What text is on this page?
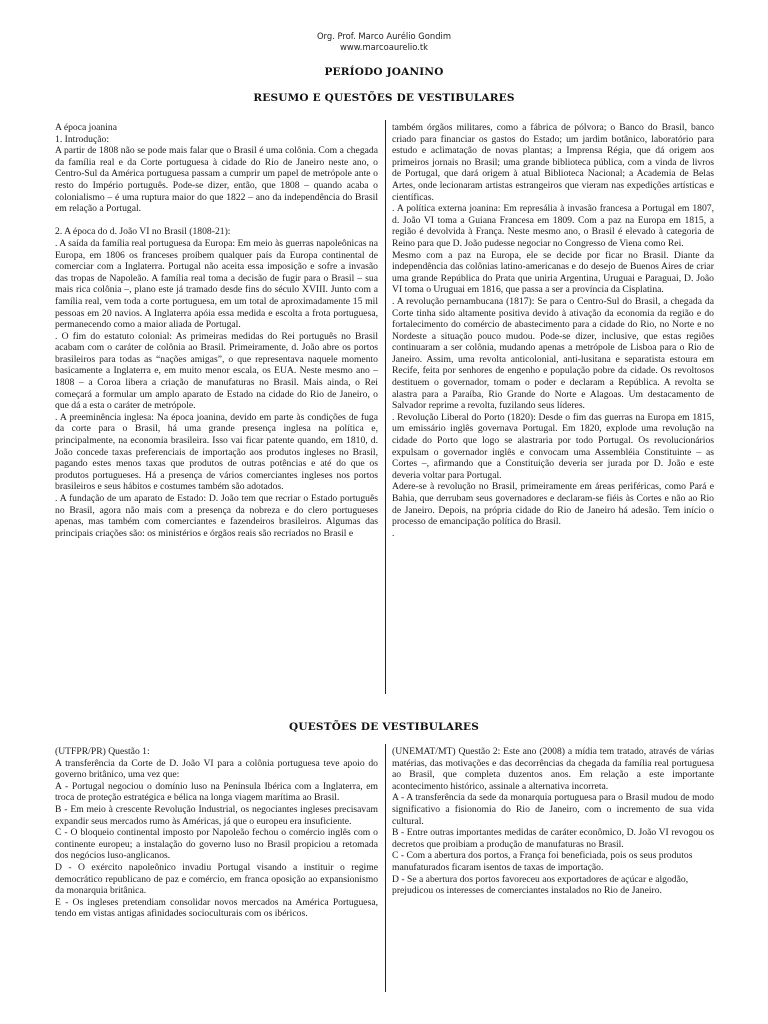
Org. Prof. Marco Aurélio Gondim
www.marcoaurelio.tk
PERÍODO JOANINO
RESUMO E QUESTÕES DE VESTIBULARES

A época joanina

1. Introdução:

A partir de 1808 não se pode mais falar que o Brasil é uma colônia. Com a chegada da família real e da Corte portuguesa à cidade do Rio de Janeiro neste ano, o Centro-Sul da América portuguesa passam a cumprir um papel de metrópole ante o resto do Império português. Pode-se dizer, então, que 1808 – quando acaba o colonialismo – é uma ruptura maior do que 1822 – ano da independência do Brasil em relação a Portugal.

2. A época do d. João VI no Brasil (1808-21):

. A saída da família real portuguesa da Europa: Em meio às guerras napoleônicas na Europa, em 1806 os franceses proíbem qualquer país da Europa continental de comerciar com a Inglaterra. Portugal não aceita essa imposição e sofre a invasão das tropas de Napoleão. A família real toma a decisão de fugir para o Brasil – sua mais rica colônia –, plano este já tramado desde fins do século XVIII. Junto com a família real, vem toda a corte portuguesa, em um total de aproximadamente 15 mil pessoas em 20 navios. A Inglaterra apóia essa medida e escolta a frota portuguesa, permanecendo como a maior aliada de Portugal.

. O fim do estatuto colonial: As primeiras medidas do Rei português no Brasil acabam com o caráter de colônia ao Brasil. Primeiramente, d. João abre os portos brasileiros para todas as “nações amigas”, o que representava naquele momento basicamente a Inglaterra e, em muito menor escala, os EUA. Neste mesmo ano – 1808 – a Coroa libera a criação de manufaturas no Brasil. Mais ainda, o Rei começará a formular um amplo aparato de Estado na cidade do Rio de Janeiro, o que dá a esta o caráter de metrópole.

. A preeminência inglesa: Na época joanina, devido em parte às condições de fuga da corte para o Brasil, há uma grande presença inglesa na política e, principalmente, na economia brasileira. Isso vai ficar patente quando, em 1810, d. João concede taxas preferenciais de importação aos produtos ingleses no Brasil, pagando estes menos taxas que produtos de outras potências e até do que os produtos portugueses. Há a presença de vários comerciantes ingleses nos portos brasileiros e seus hábitos e costumes também são adotados.

. A fundação de um aparato de Estado: D. João tem que recriar o Estado português no Brasil, agora não mais com a presença da nobreza e do clero portugueses apenas, mas também com comerciantes e fazendeiros brasileiros. Algumas das principais criações são: os ministérios e órgãos reais são recriados no Brasil e

também órgãos militares, como a fábrica de pólvora; o Banco do Brasil, banco criado para financiar os gastos do Estado; um jardim botânico, laboratório para estudo e aclimatação de novas plantas; a Imprensa Régia, que dá origem aos primeiros jornais no Brasil; uma grande biblioteca pública, com a vinda de livros de Portugal, que dará origem à atual Biblioteca Nacional; a Academia de Belas Artes, onde lecionaram artistas estrangeiros que vieram nas expedições artísticas e científicas.

. A política externa joanina: Em represália à invasão francesa a Portugal em 1807, d. João VI toma a Guiana Francesa em 1809. Com a paz na Europa em 1815, a região é devolvida à França. Neste mesmo ano, o Brasil é elevado à categoria de Reino para que D. João pudesse negociar no Congresso de Viena como Rei.

Mesmo com a paz na Europa, ele se decide por ficar no Brasil. Diante da independência das colônias latino-americanas e do desejo de Buenos Aires de criar uma grande República do Prata que uniria Argentina, Uruguai e Paraguai, D. João VI toma o Uruguai em 1816, que passa a ser a província da Cisplatina.

. A revolução pernambucana (1817): Se para o Centro-Sul do Brasil, a chegada da Corte tinha sido altamente positiva devido à ativação da economia da região e do fortalecimento do comércio de abastecimento para a cidade do Rio, no Norte e no Nordeste a situação pouco mudou. Pode-se dizer, inclusive, que estas regiões continuaram a ser colônia, mudando apenas a metrópole de Lisboa para o Rio de Janeiro. Assim, uma revolta anticolonial, anti-lusitana e separatista estoura em Recife, feita por senhores de engenho e população pobre da cidade. Os revoltosos destituem o governador, tomam o poder e declaram a República. A revolta se alastra para a Paraíba, Rio Grande do Norte e Alagoas. Um destacamento de Salvador reprime a revolta, fuzilando seus líderes.

. Revolução Liberal do Porto (1820): Desde o fim das guerras na Europa em 1815, um emissário inglês governava Portugal. Em 1820, explode uma revolução na cidade do Porto que logo se alastraria por todo Portugal. Os revolucionários expulsam o governador inglês e convocam uma Assembléia Constituinte – as Cortes –, afirmando que a Constituição deveria ser jurada por D. João e este deveria voltar para Portugal.

Adere-se à revolução no Brasil, primeiramente em áreas periféricas, como Pará e Bahia, que derrubam seus governadores e declaram-se fiéis às Cortes e não ao Rio de Janeiro. Depois, na própria cidade do Rio de Janeiro há adesão. Tem início o processo de emancipação política do Brasil.

.

QUESTÕES DE VESTIBULARES

(UTFPR/PR) Questão 1:

A transferência da Corte de D. João VI para a colônia portuguesa teve apoio do governo britânico, uma vez que:

A - Portugal negociou o domínio luso na Península Ibérica com a Inglaterra, em troca de proteção estratégica e bélica na longa viagem marítima ao Brasil.

B - Em meio à crescente Revolução Industrial, os negociantes ingleses precisavam expandir seus mercados rumo às Américas, já que o europeu era insuficiente.

C - O bloqueio continental imposto por Napoleão fechou o comércio inglês com o continente europeu; a instalação do governo luso no Brasil propiciou a retomada dos negócios luso-anglicanos.

D - O exército napoleônico invadiu Portugal visando a instituir o regime democrático republicano de paz e comércio, em franca oposição ao expansionismo da monarquia britânica.

E - Os ingleses pretendiam consolidar novos mercados na América Portuguesa, tendo em vistas antigas afinidades socioculturais com os ibéricos.

(UNEMAT/MT) Questão 2: Este ano (2008) a mídia tem tratado, através de várias matérias, das motivações e das decorrências da chegada da família real portuguesa ao Brasil, que completa duzentos anos. Em relação a este importante acontecimento histórico, assinale a alternativa incorreta.

A - A transferência da sede da monarquia portuguesa para o Brasil mudou de modo significativo a fisionomia do Rio de Janeiro, com o incremento de sua vida cultural.

B - Entre outras importantes medidas de caráter econômico, D. João VI revogou os decretos que proibiam a produção de manufaturas no Brasil.

C - Com a abertura dos portos, a França foi beneficiada, pois os seus produtos

manufaturados ficaram isentos de taxas de importação.

D - Se a abertura dos portos favoreceu aos exportadores de açúcar e algodão,

prejudicou os interesses de comerciantes instalados no Rio de Janeiro.
